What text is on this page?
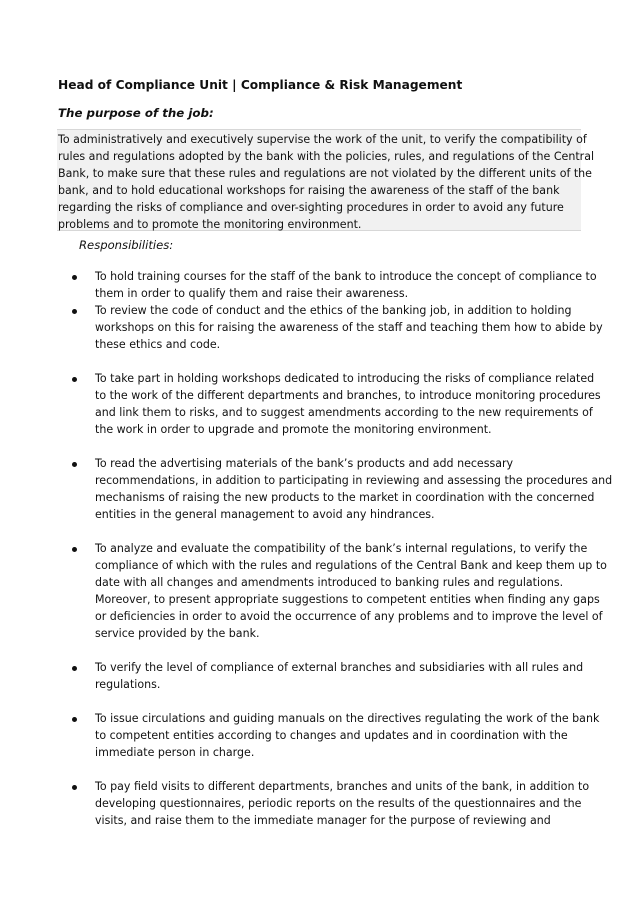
Head of Compliance Unit | Compliance & Risk Management
The purpose of the job:
To administratively and executively supervise the work of the unit, to verify the compatibility of
rules and regulations adopted by the bank with the policies, rules, and regulations of the Central
Bank, to make sure that these rules and regulations are not violated by the different units of the
bank, and to hold educational workshops for raising the awareness of the staff of the bank
regarding the risks of compliance and over-sighting procedures in order to avoid any future
problems and to promote the monitoring environment.
Responsibilities:
To hold training courses for the staff of the bank to introduce the concept of compliance to
them in order to qualify them and raise their awareness.
To review the code of conduct and the ethics of the banking job, in addition to holding
workshops on this for raising the awareness of the staff and teaching them how to abide by
these ethics and code.
To take part in holding workshops dedicated to introducing the risks of compliance related
to the work of the different departments and branches, to introduce monitoring procedures
and link them to risks, and to suggest amendments according to the new requirements of
the work in order to upgrade and promote the monitoring environment.
To read the advertising materials of the bank’s products and add necessary
recommendations, in addition to participating in reviewing and assessing the procedures and
mechanisms of raising the new products to the market in coordination with the concerned
entities in the general management to avoid any hindrances.
To analyze and evaluate the compatibility of the bank’s internal regulations, to verify the
compliance of which with the rules and regulations of the Central Bank and keep them up to
date with all changes and amendments introduced to banking rules and regulations.
Moreover, to present appropriate suggestions to competent entities when finding any gaps
or deficiencies in order to avoid the occurrence of any problems and to improve the level of
service provided by the bank.
To verify the level of compliance of external branches and subsidiaries with all rules and
regulations.
To issue circulations and guiding manuals on the directives regulating the work of the bank
to competent entities according to changes and updates and in coordination with the
immediate person in charge.
To pay field visits to different departments, branches and units of the bank, in addition to
developing questionnaires, periodic reports on the results of the questionnaires and the
visits, and raise them to the immediate manager for the purpose of reviewing and
